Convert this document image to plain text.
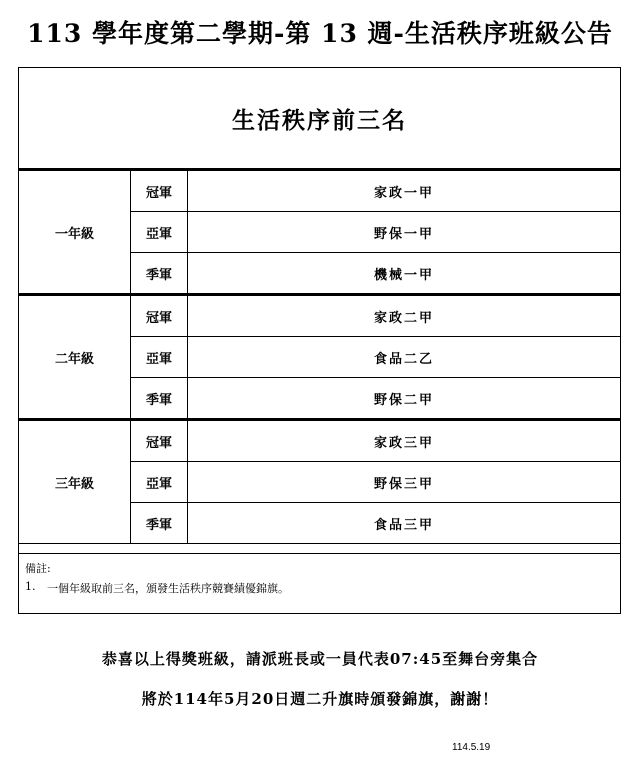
113 學年度第二學期-第 13 週-生活秩序班級公告
生活秩序前三名
一年級	冠軍	家政一甲
	亞軍	野保一甲
	季軍	機械一甲
二年級	冠軍	家政二甲
	亞軍	食品二乙
	季軍	野保二甲
三年級	冠軍	家政三甲
	亞軍	野保三甲
	季軍	食品三甲
備註:
1.	一個年級取前三名，頒發生活秩序競賽績優錦旗。
恭喜以上得獎班級，請派班長或一員代表07:45至舞台旁集合
將於114年5月20日週二升旗時頒發錦旗，謝謝！
114.5.19
